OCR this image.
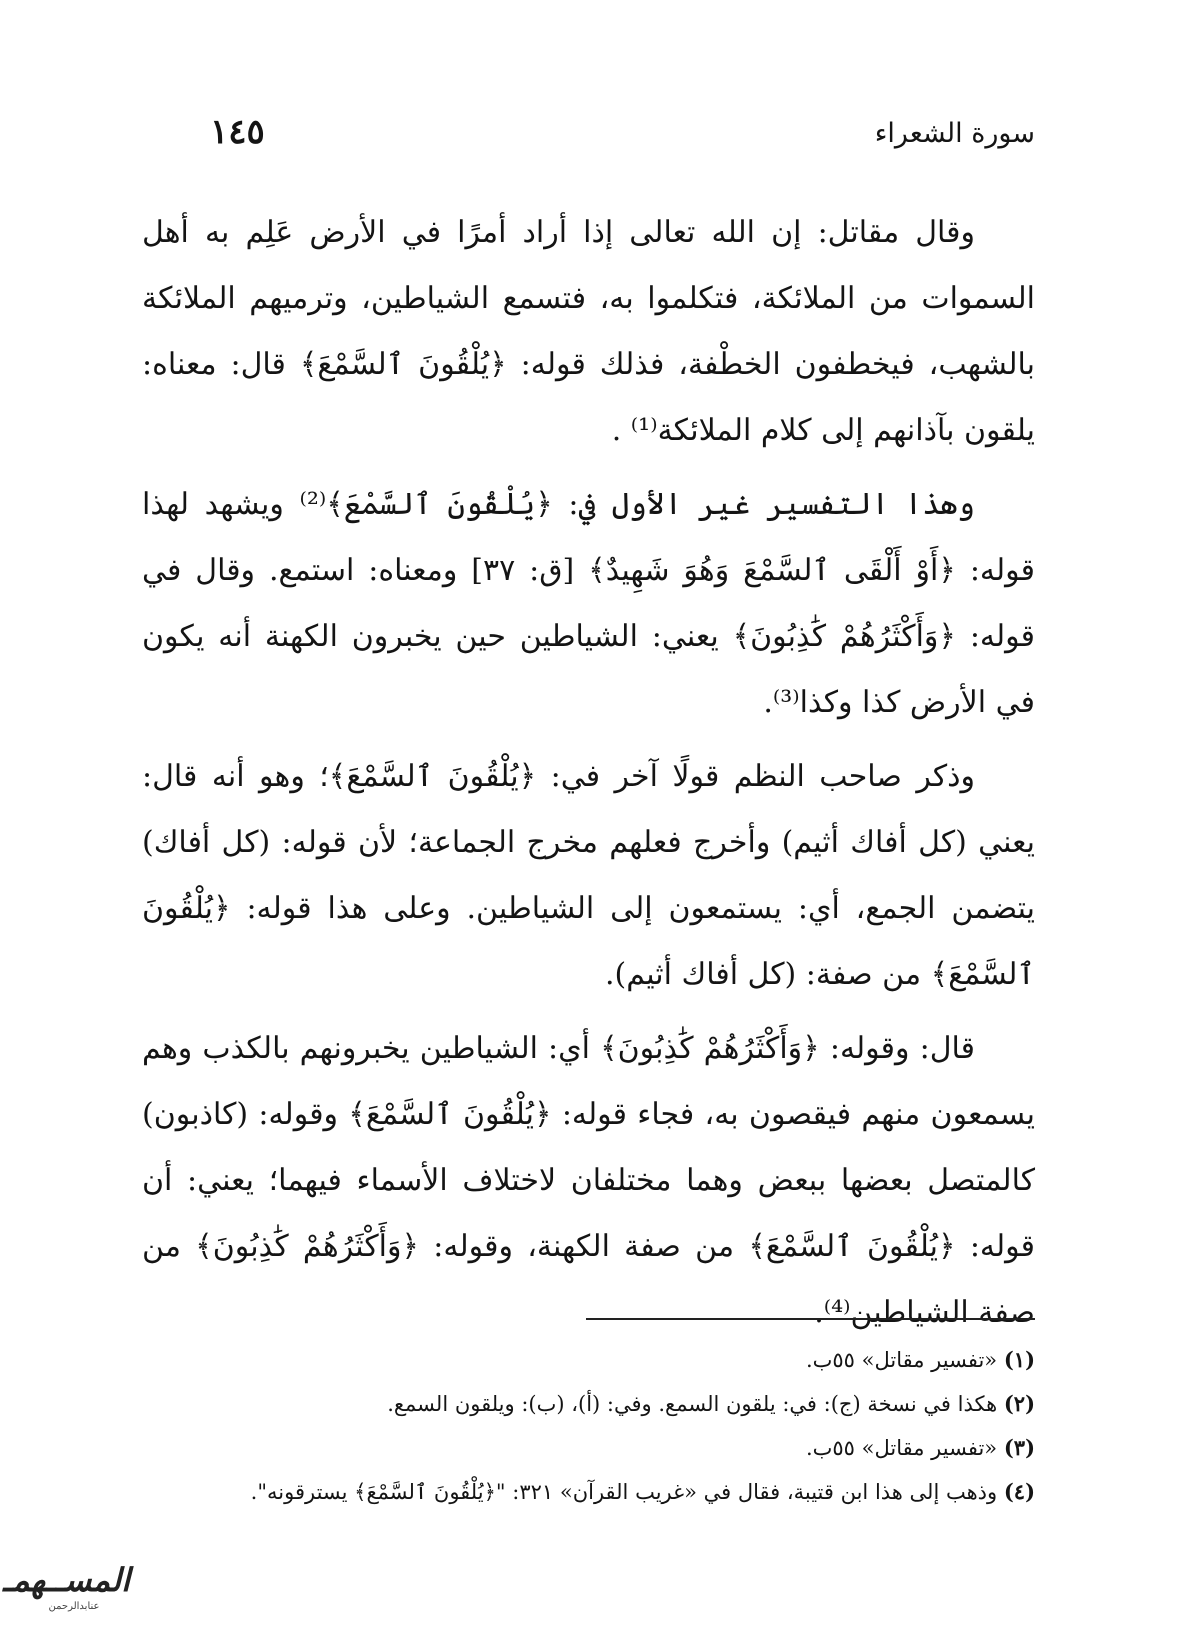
سورة الشعراء
١٤٥

وقال مقاتل: إن الله تعالى إذا أراد أمرًا في الأرض عَلِم به أهل السموات من الملائكة، فتكلموا به، فتسمع الشياطين، وترميهم الملائكة بالشهب، فيخطفون الخطْفة، فذلك قوله: ﴿يُلْقُونَ ٱلسَّمْعَ﴾ قال: معناه: يلقون بآذانهم إلى كلام الملائكة⁽¹⁾ .

وهذا التفسير غير الأول في: ﴿يُلْقُونَ ٱلسَّمْعَ﴾⁽²⁾ ويشهد لهذا قوله: ﴿أَوْ أَلْقَى ٱلسَّمْعَ وَهُوَ شَهِيدٌ﴾ [ق: ٣٧] ومعناه: استمع. وقال في قوله: ﴿وَأَكْثَرُهُمْ كَٰذِبُونَ﴾ يعني: الشياطين حين يخبرون الكهنة أنه يكون في الأرض كذا وكذا⁽³⁾.

وذكر صاحب النظم قولًا آخر في: ﴿يُلْقُونَ ٱلسَّمْعَ﴾؛ وهو أنه قال: يعني (كل أفاك أثيم) وأخرج فعلهم مخرج الجماعة؛ لأن قوله: (كل أفاك) يتضمن الجمع، أي: يستمعون إلى الشياطين. وعلى هذا قوله: ﴿يُلْقُونَ ٱلسَّمْعَ﴾ من صفة: (كل أفاك أثيم).

قال: وقوله: ﴿وَأَكْثَرُهُمْ كَٰذِبُونَ﴾ أي: الشياطين يخبرونهم بالكذب وهم يسمعون منهم فيقصون به، فجاء قوله: ﴿يُلْقُونَ ٱلسَّمْعَ﴾ وقوله: (كاذبون) كالمتصل بعضها ببعض وهما مختلفان لاختلاف الأسماء فيهما؛ يعني: أن قوله: ﴿يُلْقُونَ ٱلسَّمْعَ﴾ من صفة الكهنة، وقوله: ﴿وَأَكْثَرُهُمْ كَٰذِبُونَ﴾ من صفة الشياطين⁽⁴⁾.

(١) «تفسير مقاتل» ٥٥ب.

(٢) هكذا في نسخة (ج): في: يلقون السمع. وفي: (أ)، (ب): ويلقون السمع.

(٣) «تفسير مقاتل» ٥٥ب.

(٤) وذهب إلى هذا ابن قتيبة، فقال في «غريب القرآن» ٣٢١: "﴿يُلْقُونَ ٱلسَّمْعَ﴾ يسترقونه".

المسـ‍ـهمـ
عنابدالرحمن
